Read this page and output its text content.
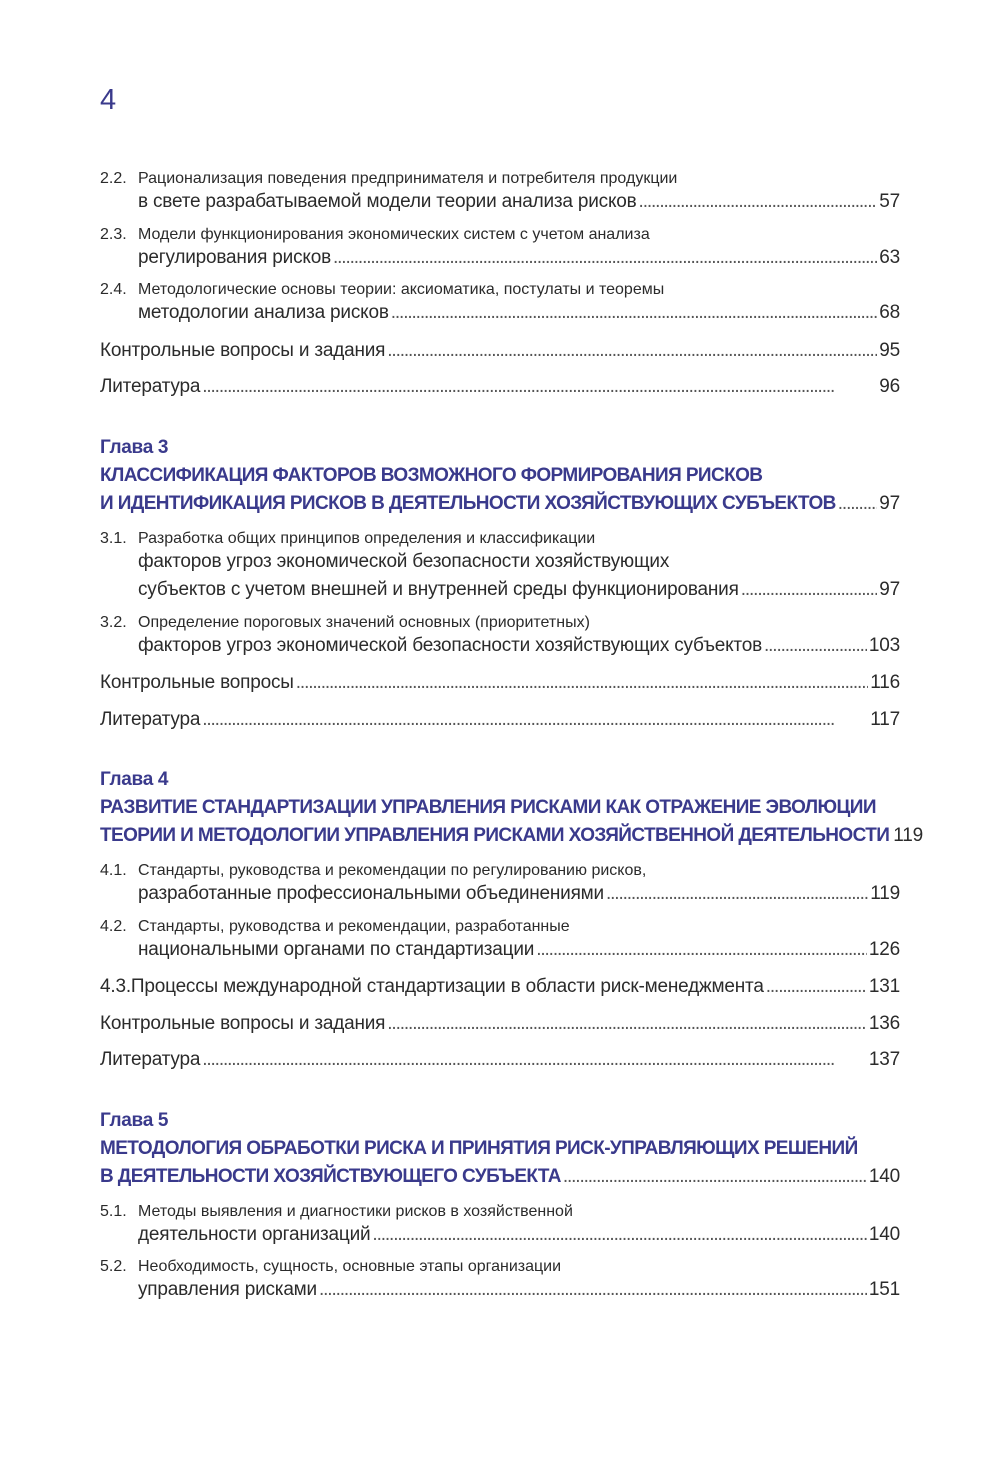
4
2.2. Рационализация поведения предпринимателя и потребителя продукции
в свете разрабатываемой модели теории анализа рисков . . .	57
2.3. Модели функционирования экономических систем с учетом анализа
регулирования рисков . . .	63
2.4. Методологические основы теории: аксиоматика, постулаты и теоремы
методологии анализа рисков . . .	68
Контрольные вопросы и задания . . .	95
Литература . . .	96
Глава 3
КЛАССИФИКАЦИЯ ФАКТОРОВ ВОЗМОЖНОГО ФОРМИРОВАНИЯ РИСКОВ
И ИДЕНТИФИКАЦИЯ РИСКОВ В ДЕЯТЕЛЬНОСТИ ХОЗЯЙСТВУЮЩИХ СУБЪЕКТОВ . . . 97
3.1. Разработка общих принципов определения и классификации
факторов угроз экономической безопасности хозяйствующих
субъектов с учетом внешней и внутренней среды функционирования . . .	97
3.2. Определение пороговых значений основных (приоритетных)
факторов угроз экономической безопасности хозяйствующих субъектов . . .	103
Контрольные вопросы . . .	116
Литература . . .	117
Глава 4
РАЗВИТИЕ СТАНДАРТИЗАЦИИ УПРАВЛЕНИЯ РИСКАМИ КАК ОТРАЖЕНИЕ ЭВОЛЮЦИИ
ТЕОРИИ И МЕТОДОЛОГИИ УПРАВЛЕНИЯ РИСКАМИ ХОЗЯЙСТВЕННОЙ ДЕЯТЕЛЬНОСТИ 119
4.1. Стандарты, руководства и рекомендации по регулированию рисков,
разработанные профессиональными объединениями . . .	119
4.2. Стандарты, руководства и рекомендации, разработанные
национальными органами по стандартизации . . .	126
4.3. Процессы международной стандартизации в области риск-менеджмента . . .	131
Контрольные вопросы и задания . . .	136
Литература . . .	137
Глава 5
МЕТОДОЛОГИЯ ОБРАБОТКИ РИСКА И ПРИНЯТИЯ РИСК-УПРАВЛЯЮЩИХ РЕШЕНИЙ
В ДЕЯТЕЛЬНОСТИ ХОЗЯЙСТВУЮЩЕГО СУБЪЕКТА . . .	140
5.1. Методы выявления и диагностики рисков в хозяйственной
деятельности организаций . . .	140
5.2. Необходимость, сущность, основные этапы организации
управления рисками . . .	151
